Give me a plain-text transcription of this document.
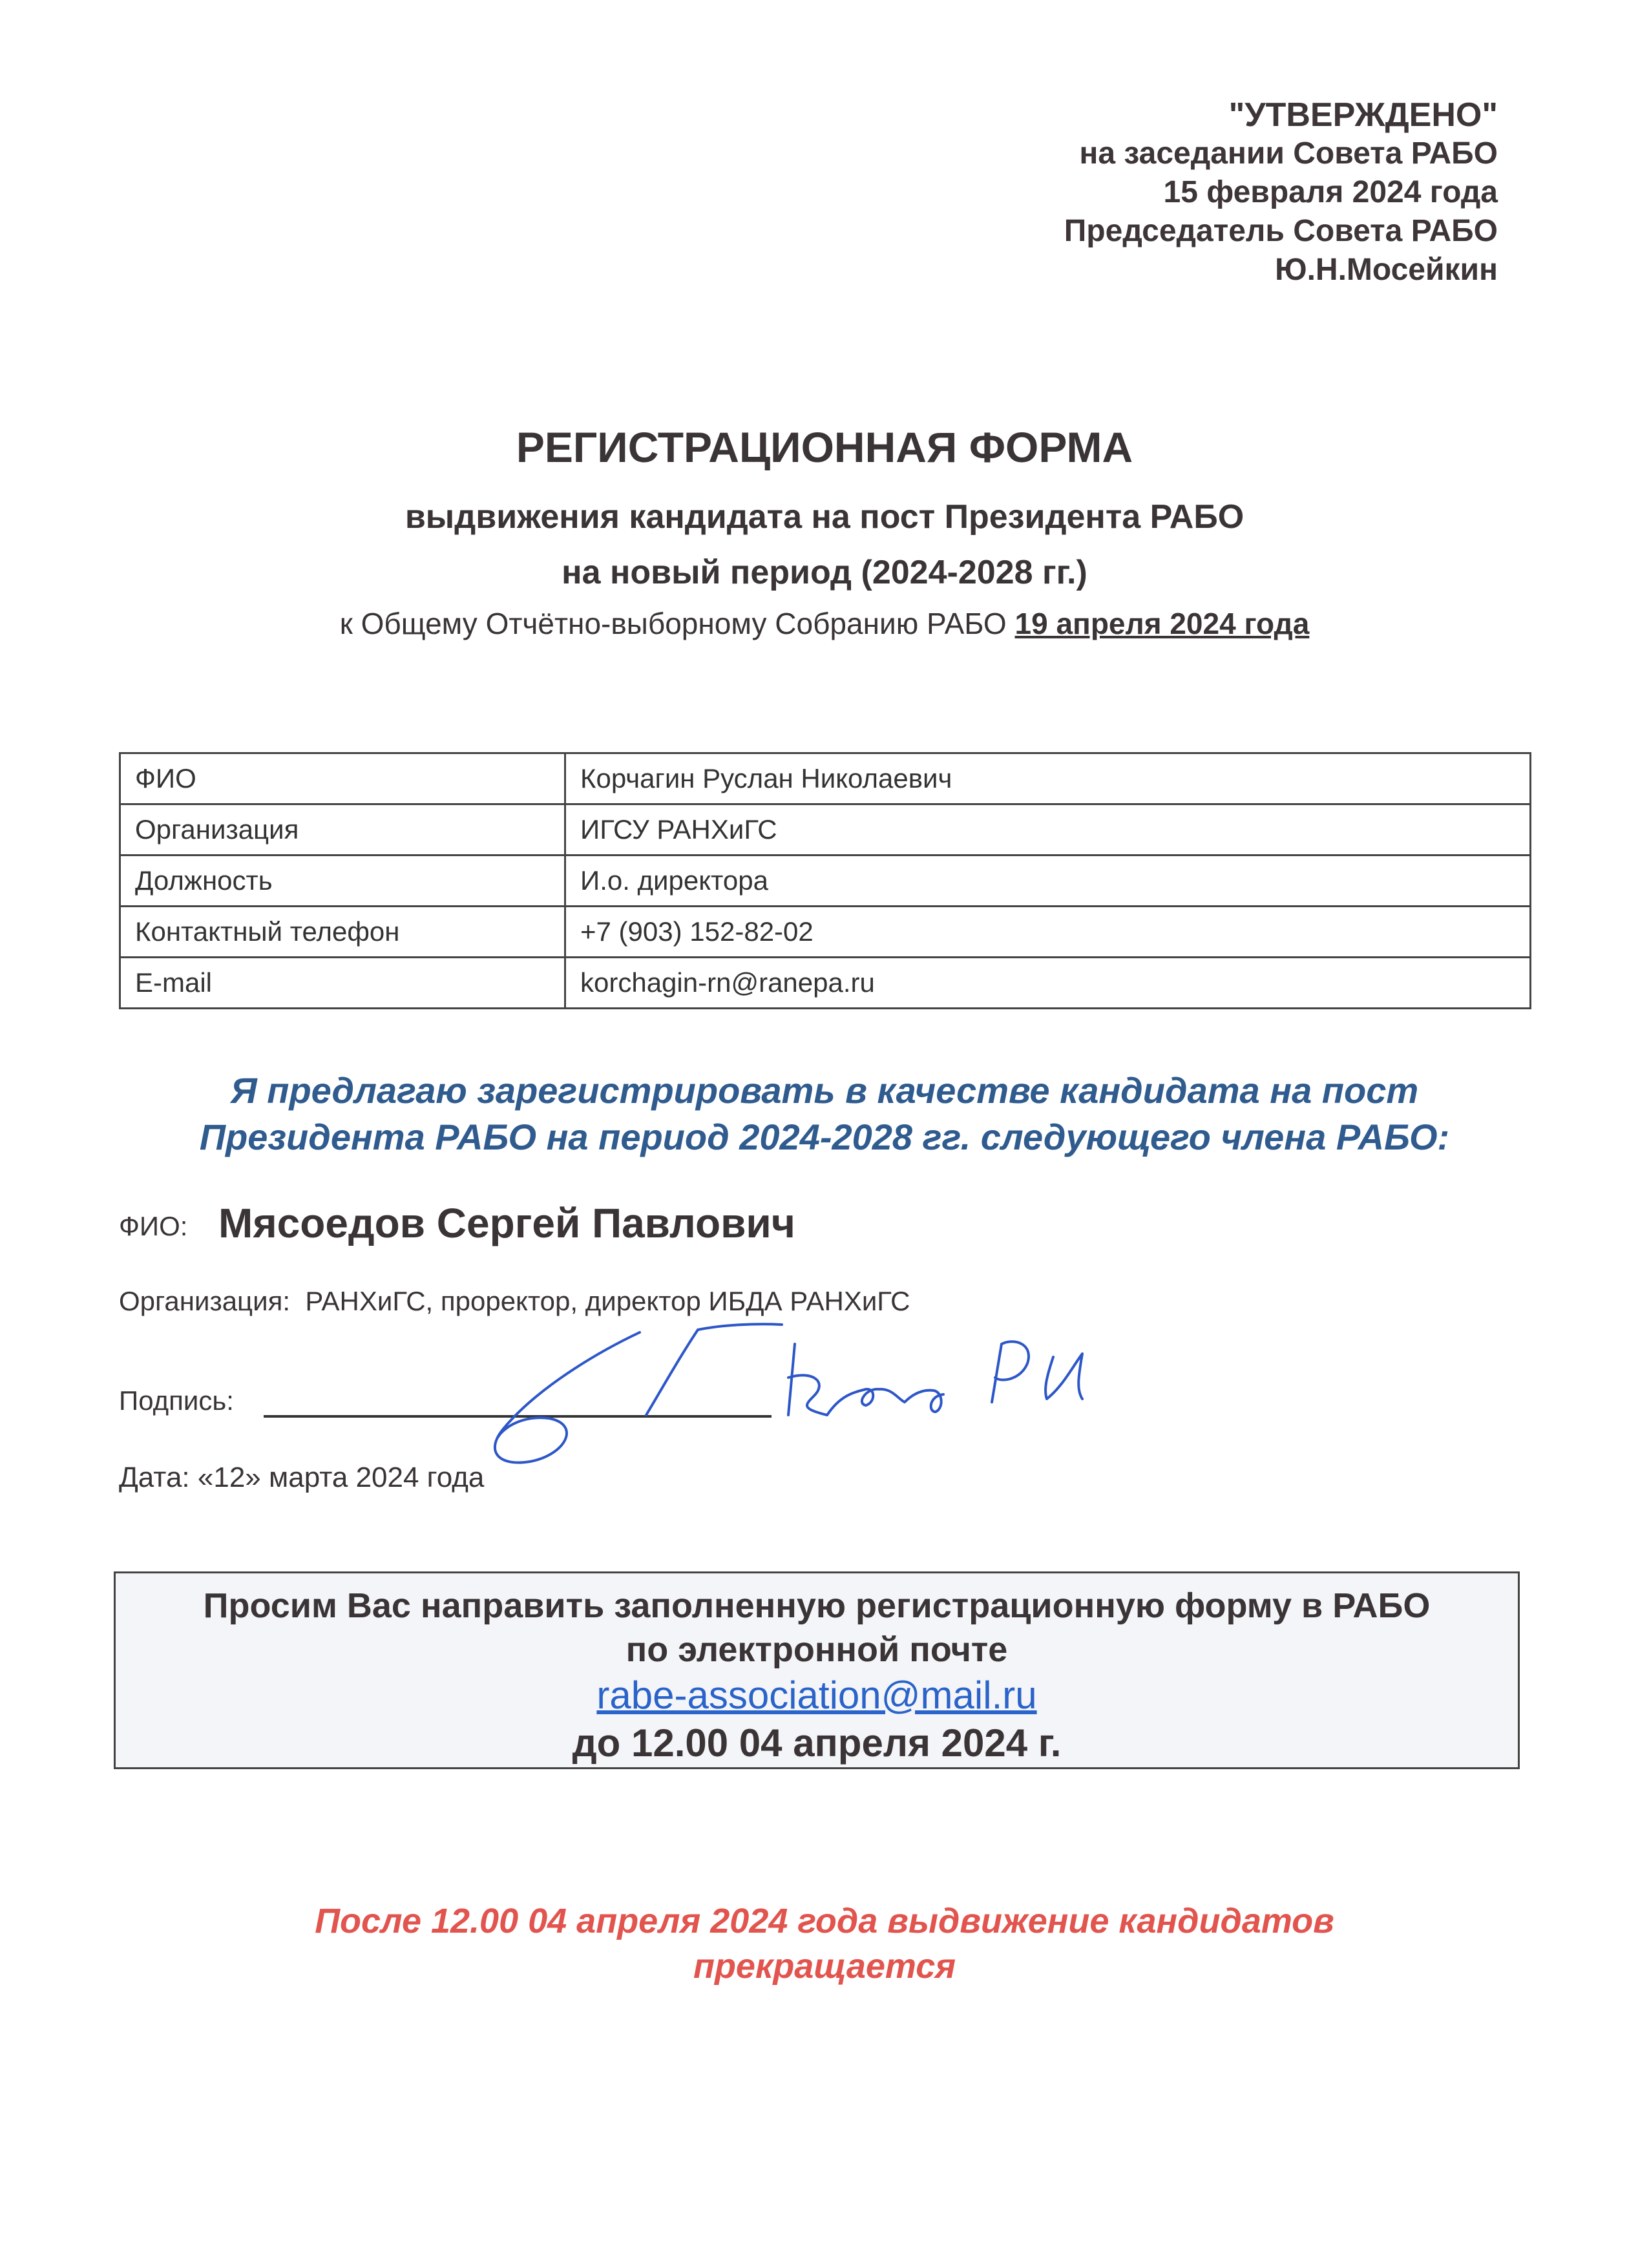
"УТВЕРЖДЕНО"
на заседании Совета РАБО
15 февраля 2024 года
Председатель Совета РАБО
Ю.Н.Мосейкин
РЕГИСТРАЦИОННАЯ ФОРМА
выдвижения кандидата на пост Президента РАБО
на новый период (2024-2028 гг.)
к Общему Отчётно-выборному Собранию РАБО 19 апреля 2024 года
ФИО	Корчагин Руслан Николаевич
Организация	ИГСУ РАНХиГС
Должность	И.о. директора
Контактный телефон	+7 (903) 152-82-02
E-mail	korchagin-rn@ranepa.ru
Я предлагаю зарегистрировать в качестве кандидата на пост
Президента РАБО на период 2024-2028 гг. следующего члена РАБО:
ФИО: Мясоедов Сергей Павлович
Организация: РАНХиГС, проректор, директор ИБДА РАНХиГС
Подпись:
Корчагин Р.И.
Дата: «12» марта 2024 года
Просим Вас направить заполненную регистрационную форму в РАБО
по электронной почте
rabe-association@mail.ru
до 12.00 04 апреля 2024 г.
После 12.00 04 апреля 2024 года выдвижение кандидатов
прекращается
